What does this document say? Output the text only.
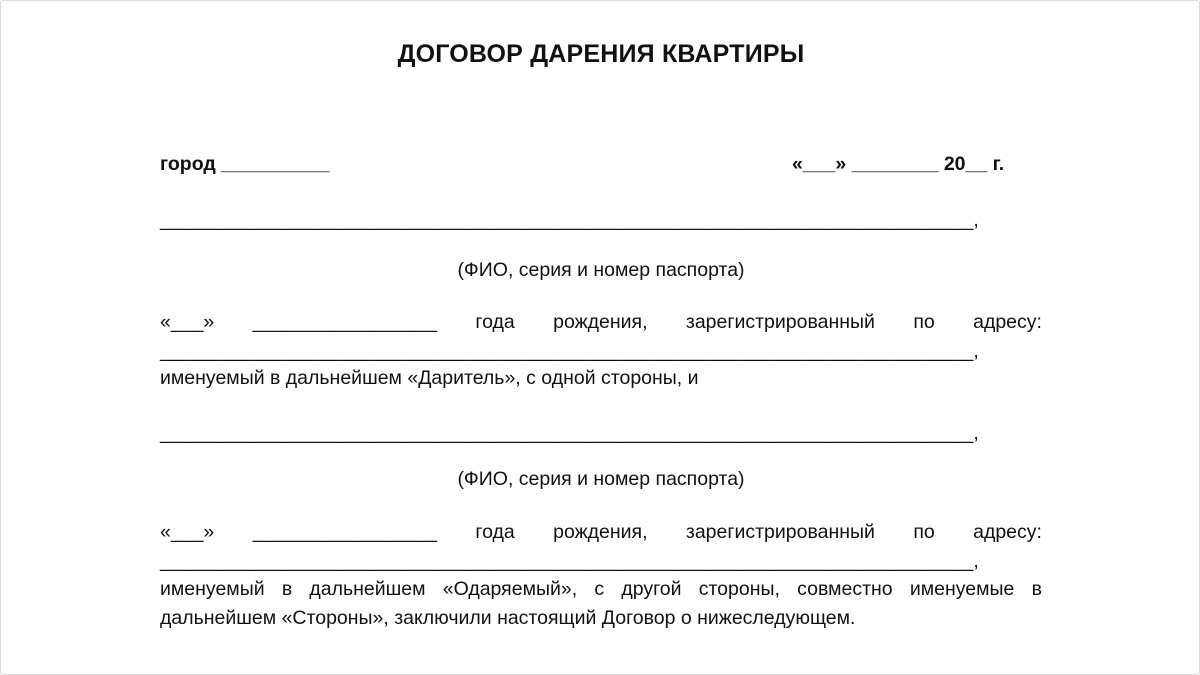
ДОГОВОР ДАРЕНИЯ КВАРТИРЫ
город __________	«___» ________ 20__ г.
___________________________________________________________________________,
(ФИО, серия и номер паспорта)
«___» _________________ года рождения, зарегистрированный по адресу:
___________________________________________________________________________,
именуемый в дальнейшем «Даритель», с одной стороны, и
___________________________________________________________________________,
(ФИО, серия и номер паспорта)
«___» _________________ года рождения, зарегистрированный по адресу:
___________________________________________________________________________,
именуемый в дальнейшем «Одаряемый», с другой стороны, совместно именуемые в
дальнейшем «Стороны», заключили настоящий Договор о нижеследующем.
